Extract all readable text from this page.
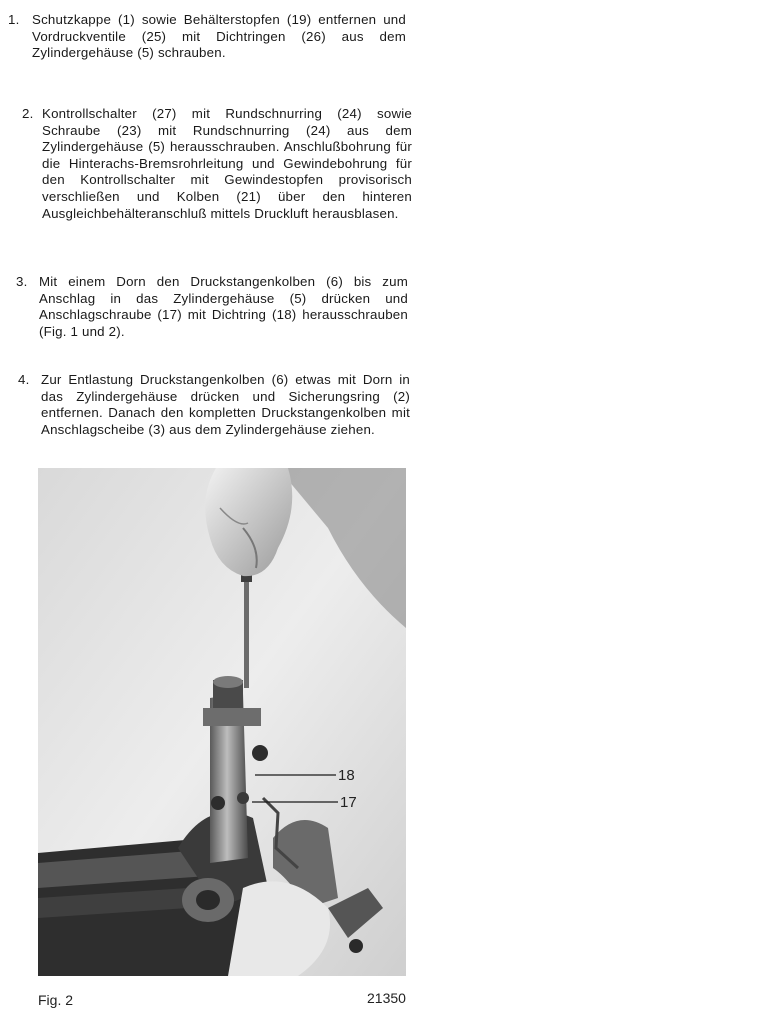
1. Schutzkappe (1) sowie Behälterstopfen (19) entfernen und Vordruckventile (25) mit Dichtringen (26) aus dem Zylindergehäuse (5) schrauben.
2. Kontrollschalter (27) mit Rundschnurring (24) sowie Schraube (23) mit Rundschnurring (24) aus dem Zylindergehäuse (5) herausschrauben. Anschlußbohrung für die Hinterachs-Bremsrohrleitung und Gewindebohrung für den Kontrollschalter mit Gewindestopfen provisorisch verschließen und Kolben (21) über den hinteren Ausgleichbehälteranschluß mittels Druckluft herausblasen.
3. Mit einem Dorn den Druckstangenkolben (6) bis zum Anschlag in das Zylindergehäuse (5) drücken und Anschlagschraube (17) mit Dichtring (18) herausschrauben (Fig. 1 und 2).
4. Zur Entlastung Druckstangenkolben (6) etwas mit Dorn in das Zylindergehäuse drücken und Sicherungsring (2) entfernen. Danach den kompletten Druckstangenkolben mit Anschlagscheibe (3) aus dem Zylindergehäuse ziehen.
18
17
Fig. 2	21350
